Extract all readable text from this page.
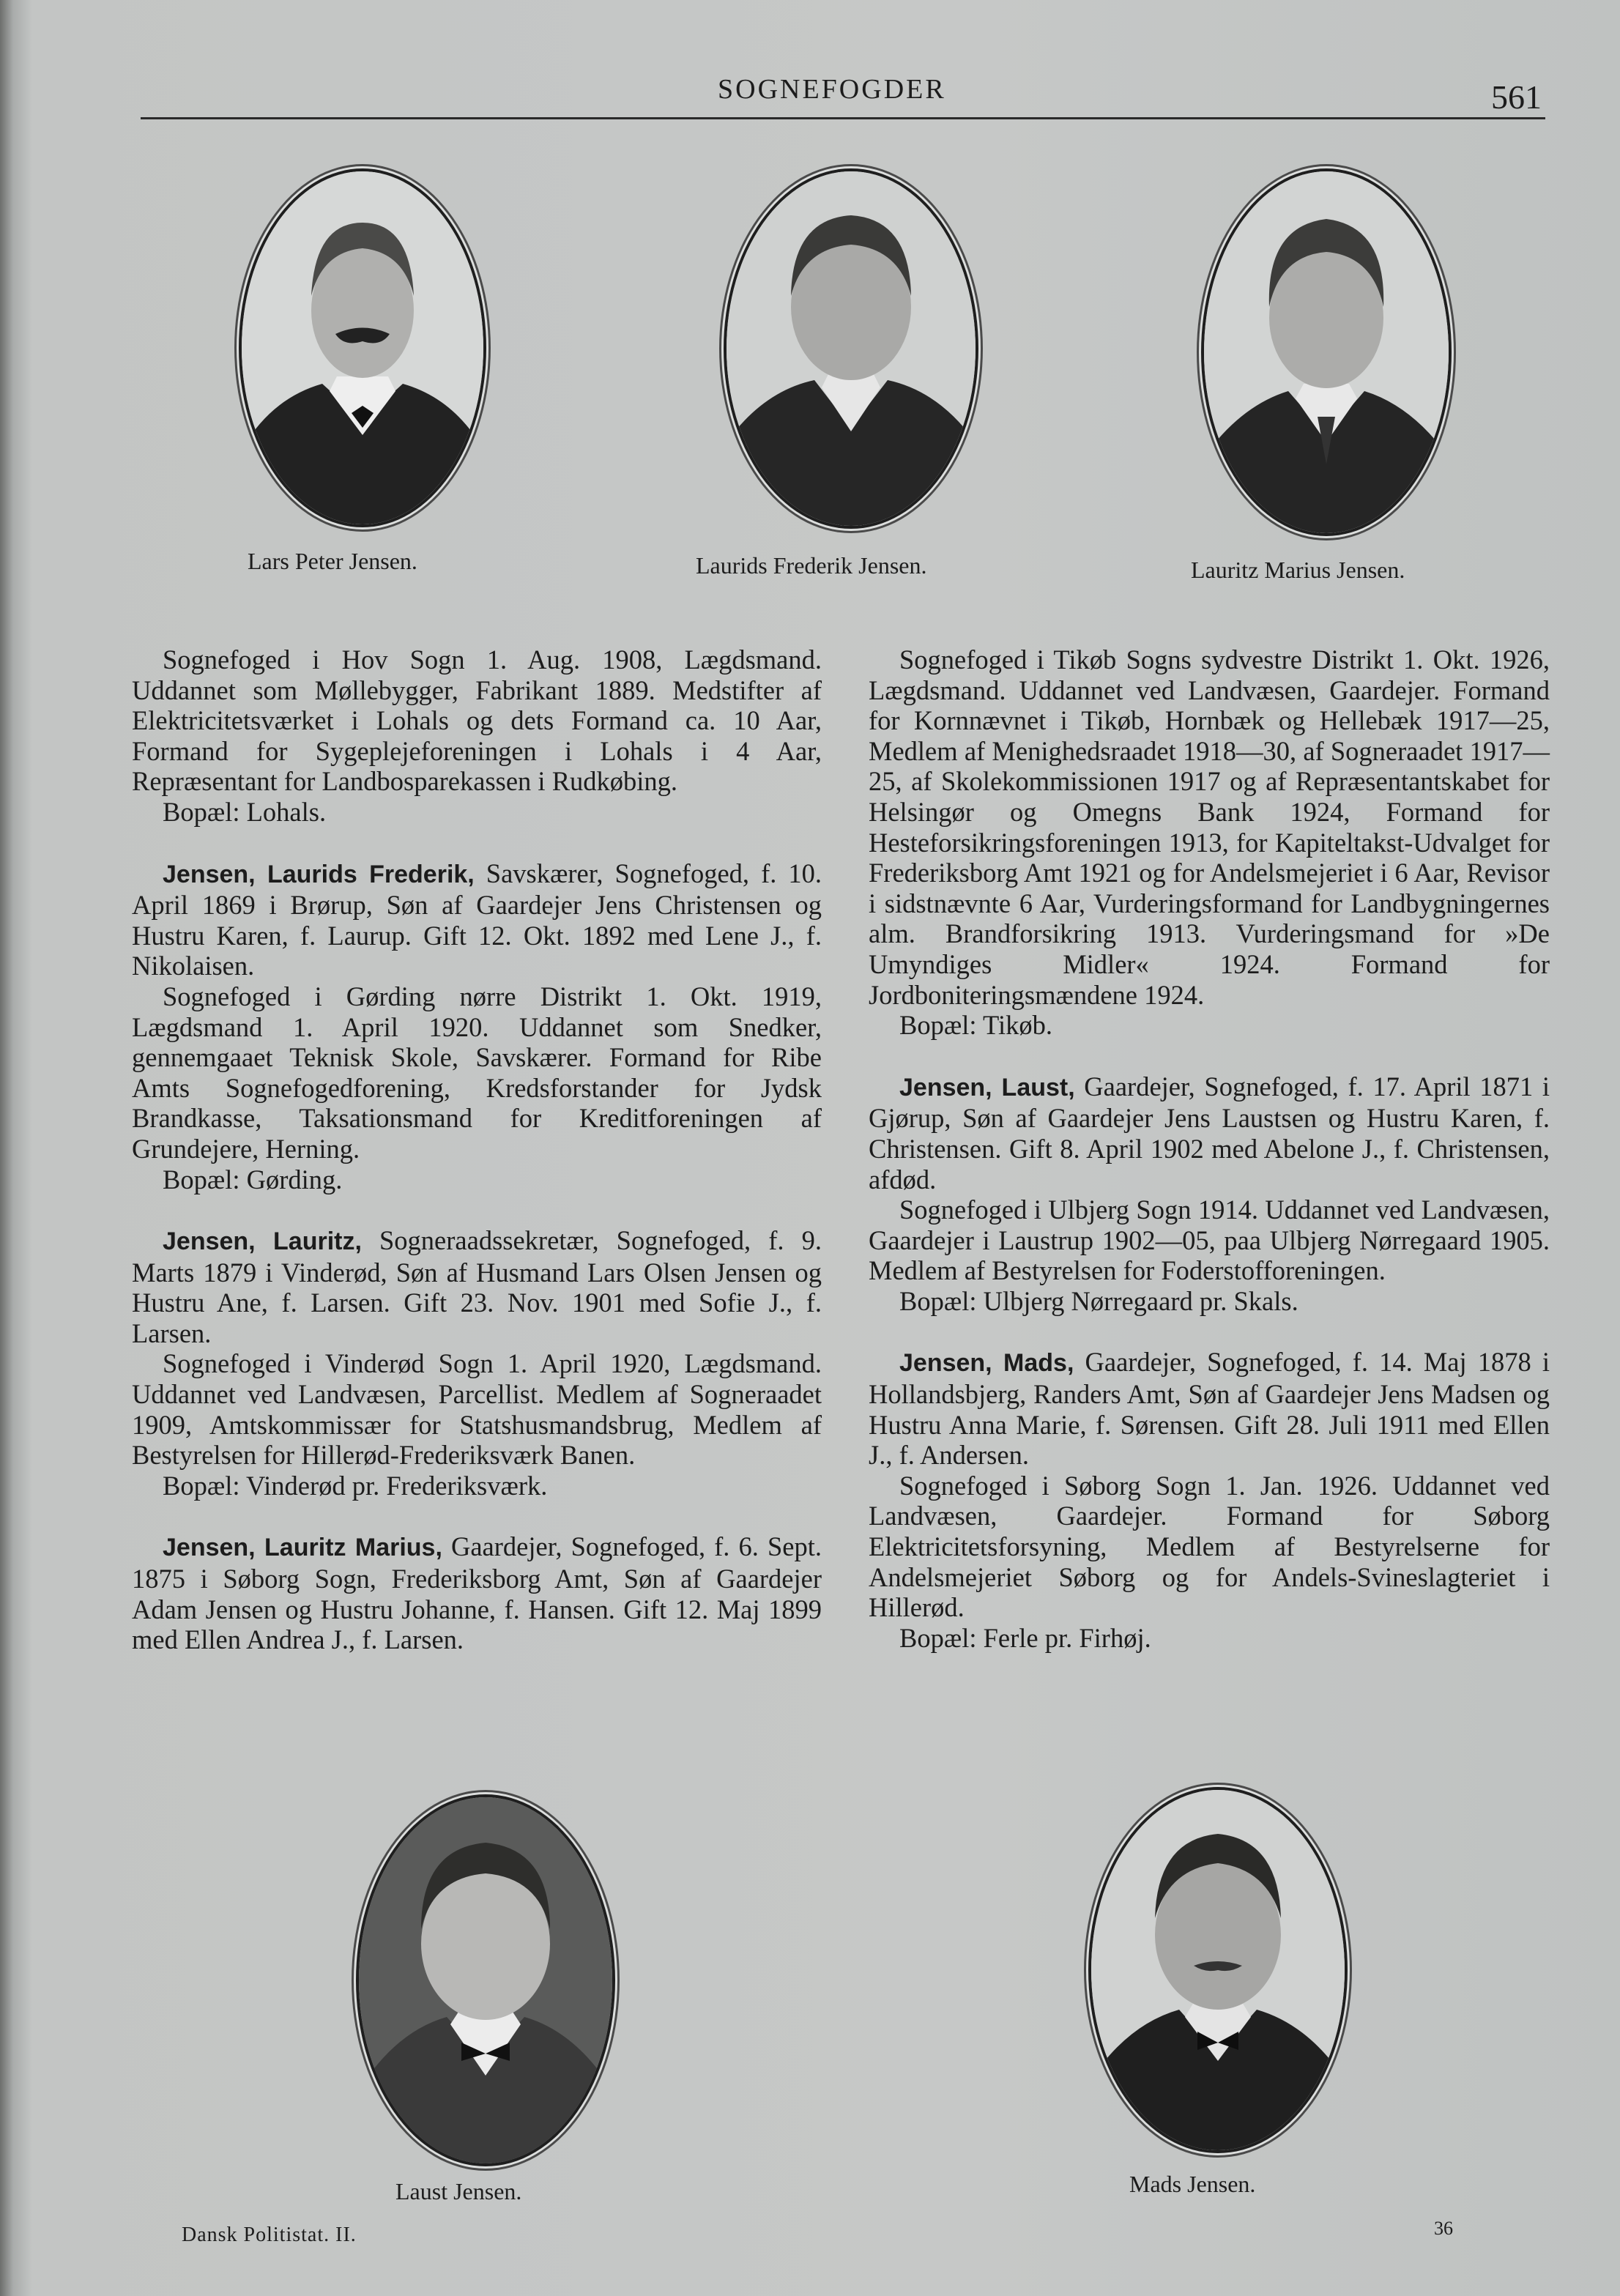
SOGNEFOGDER	561
Lars Peter Jensen.	Laurids Frederik Jensen.	Lauritz Marius Jensen.

Sognefoged i Hov Sogn 1. Aug. 1908, Lægdsmand. Uddannet som Møllebygger, Fabrikant 1889. Medstifter af Elektricitetsværket i Lohals og dets Formand ca. 10 Aar, Formand for Sygeplejeforeningen i Lohals i 4 Aar, Repræsentant for Landbosparekassen i Rudkøbing.

Bopæl: Lohals.

Jensen, Laurids Frederik, Savskærer, Sognefoged, f. 10. April 1869 i Brørup, Søn af Gaardejer Jens Christensen og Hustru Karen, f. Laurup. Gift 12. Okt. 1892 med Lene J., f. Nikolaisen.

Sognefoged i Gørding nørre Distrikt 1. Okt. 1919, Lægdsmand 1. April 1920. Uddannet som Snedker, gennemgaaet Teknisk Skole, Savskærer. Formand for Ribe Amts Sognefogedforening, Kredsforstander for Jydsk Brandkasse, Taksationsmand for Kreditforeningen af Grundejere, Herning.

Bopæl: Gørding.

Jensen, Lauritz, Sogneraadssekretær, Sognefoged, f. 9. Marts 1879 i Vinderød, Søn af Husmand Lars Olsen Jensen og Hustru Ane, f. Larsen. Gift 23. Nov. 1901 med Sofie J., f. Larsen.

Sognefoged i Vinderød Sogn 1. April 1920, Lægdsmand. Uddannet ved Landvæsen, Parcellist. Medlem af Sogneraadet 1909, Amtskommissær for Statshusmandsbrug, Medlem af Bestyrelsen for Hillerød-Frederiksværk Banen.

Bopæl: Vinderød pr. Frederiksværk.

Jensen, Lauritz Marius, Gaardejer, Sognefoged, f. 6. Sept. 1875 i Søborg Sogn, Frederiksborg Amt, Søn af Gaardejer Adam Jensen og Hustru Johanne, f. Hansen. Gift 12. Maj 1899 med Ellen Andrea J., f. Larsen.

Sognefoged i Tikøb Sogns sydvestre Distrikt 1. Okt. 1926, Lægdsmand. Uddannet ved Landvæsen, Gaardejer. Formand for Kornnævnet i Tikøb, Hornbæk og Hellebæk 1917—25, Medlem af Menighedsraadet 1918—30, af Sogneraadet 1917—25, af Skolekommissionen 1917 og af Repræsentantskabet for Helsingør og Omegns Bank 1924, Formand for Hesteforsikringsforeningen 1913, for Kapiteltakst-Udvalget for Frederiksborg Amt 1921 og for Andelsmejeriet i 6 Aar, Revisor i sidstnævnte 6 Aar, Vurderingsformand for Landbygningernes alm. Brandforsikring 1913. Vurderingsmand for »De Umyndiges Midler« 1924. Formand for Jordboniteringsmændene 1924.

Bopæl: Tikøb.

Jensen, Laust, Gaardejer, Sognefoged, f. 17. April 1871 i Gjørup, Søn af Gaardejer Jens Laustsen og Hustru Karen, f. Christensen. Gift 8. April 1902 med Abelone J., f. Christensen, afdød.

Sognefoged i Ulbjerg Sogn 1914. Uddannet ved Landvæsen, Gaardejer i Laustrup 1902—05, paa Ulbjerg Nørregaard 1905. Medlem af Bestyrelsen for Foderstofforeningen.

Bopæl: Ulbjerg Nørregaard pr. Skals.

Jensen, Mads, Gaardejer, Sognefoged, f. 14. Maj 1878 i Hollandsbjerg, Randers Amt, Søn af Gaardejer Jens Madsen og Hustru Anna Marie, f. Sørensen. Gift 28. Juli 1911 med Ellen J., f. Andersen.

Sognefoged i Søborg Sogn 1. Jan. 1926. Uddannet ved Landvæsen, Gaardejer. Formand for Søborg Elektricitetsforsyning, Medlem af Bestyrelserne for Andelsmejeriet Søborg og for Andels-Svineslagteriet i Hillerød.

Bopæl: Ferle pr. Firhøj.

Laust Jensen.	Mads Jensen.
Dansk Politistat. II.	36
